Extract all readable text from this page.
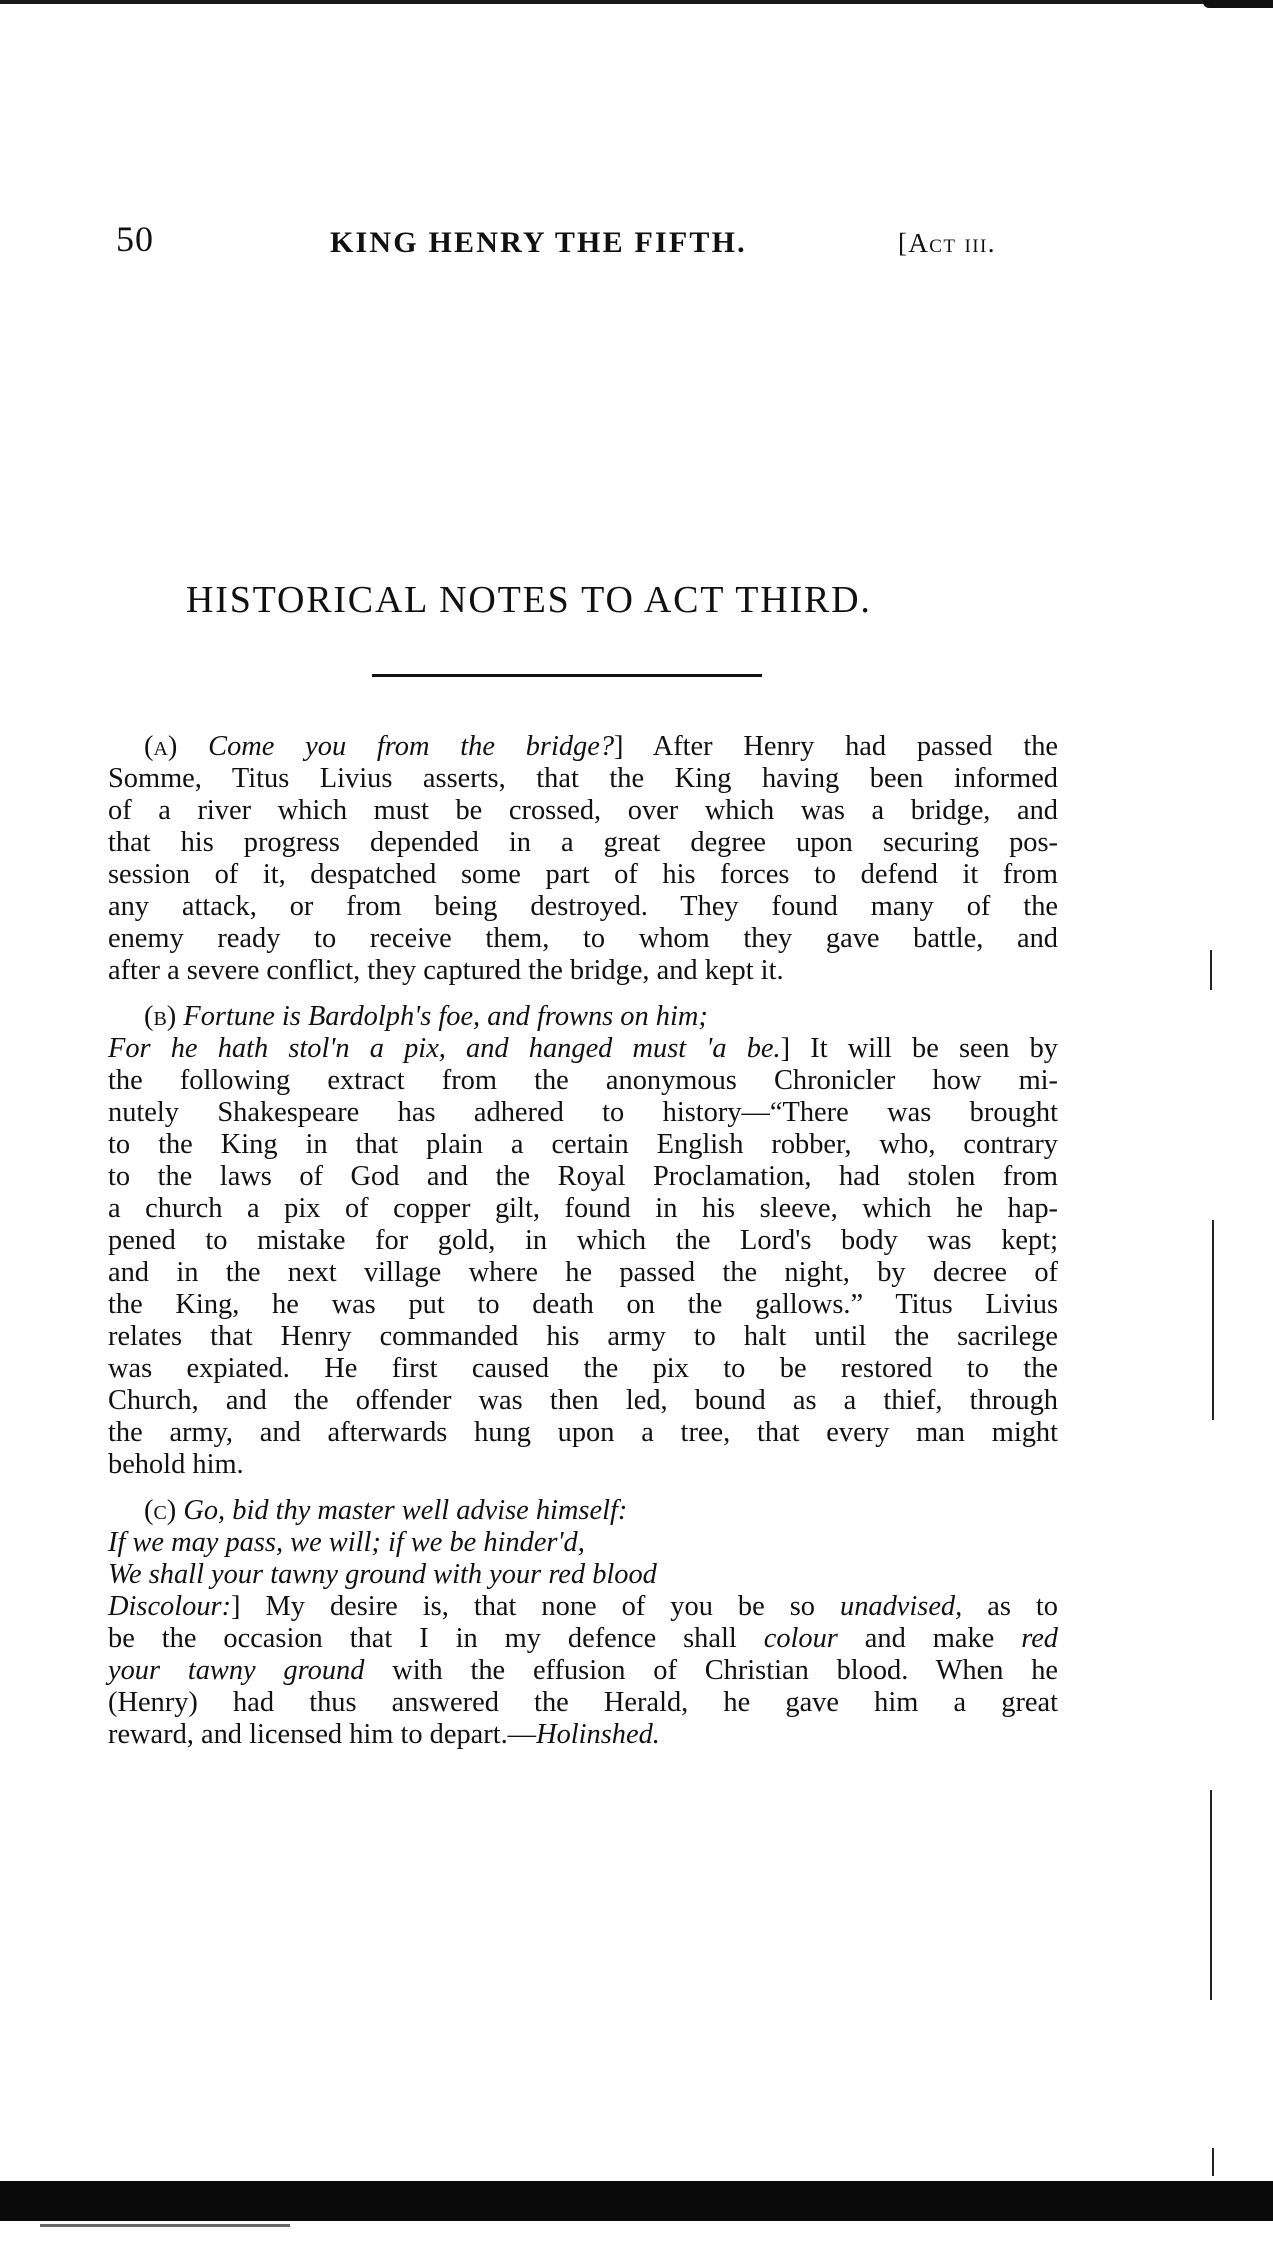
50	KING HENRY THE FIFTH.	[Act iii.
HISTORICAL NOTES TO ACT THIRD.
(a) Come you from the bridge?] After Henry had passed the
Somme, Titus Livius asserts, that the King having been informed
of a river which must be crossed, over which was a bridge, and
that his progress depended in a great degree upon securing pos-
session of it, despatched some part of his forces to defend it from
any attack, or from being destroyed. They found many of the
enemy ready to receive them, to whom they gave battle, and
after a severe conflict, they captured the bridge, and kept it.
(b) Fortune is Bardolph's foe, and frowns on him;
For he hath stol'n a pix, and hanged must 'a be.] It will be seen by
the following extract from the anonymous Chronicler how mi-
nutely Shakespeare has adhered to history—“There was brought
to the King in that plain a certain English robber, who, contrary
to the laws of God and the Royal Proclamation, had stolen from
a church a pix of copper gilt, found in his sleeve, which he hap-
pened to mistake for gold, in which the Lord's body was kept;
and in the next village where he passed the night, by decree of
the King, he was put to death on the gallows.” Titus Livius
relates that Henry commanded his army to halt until the sacrilege
was expiated. He first caused the pix to be restored to the
Church, and the offender was then led, bound as a thief, through
the army, and afterwards hung upon a tree, that every man might
behold him.
(c) Go, bid thy master well advise himself:
If we may pass, we will; if we be hinder'd,
We shall your tawny ground with your red blood
Discolour:] My desire is, that none of you be so unadvised, as to
be the occasion that I in my defence shall colour and make red
your tawny ground with the effusion of Christian blood. When he
(Henry) had thus answered the Herald, he gave him a great
reward, and licensed him to depart.—Holinshed.
